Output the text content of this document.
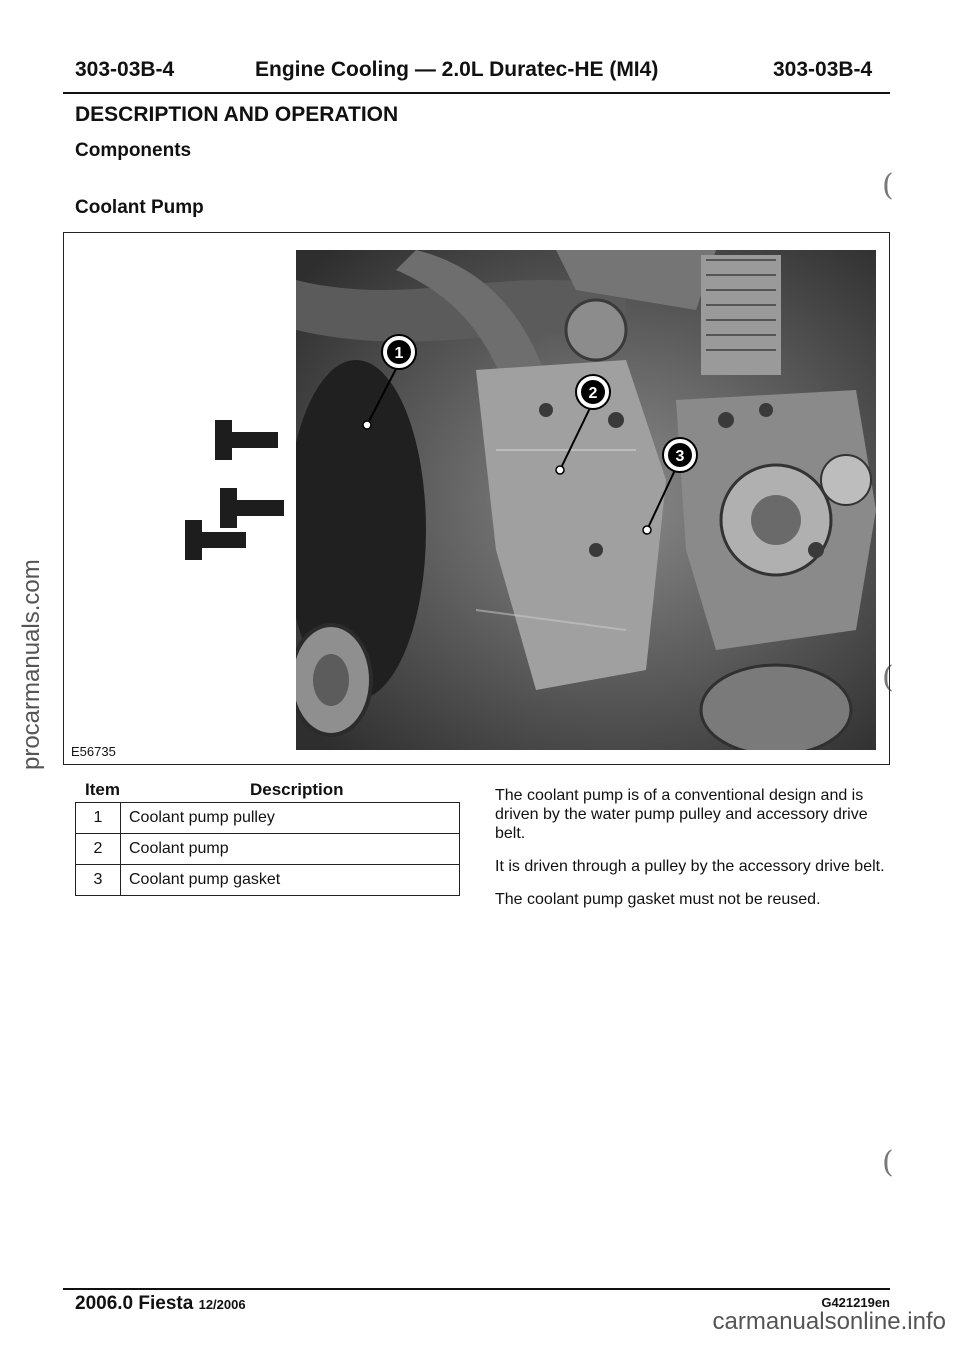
303-03B-4	Engine Cooling — 2.0L Duratec-HE (MI4)	303-03B-4
DESCRIPTION AND OPERATION
Components
Coolant Pump
(
(
(
1
2
3
E56735
Item	Description
1	Coolant pump pulley
2	Coolant pump
3	Coolant pump gasket

The coolant pump is of a conventional design and is driven by the water pump pulley and accessory drive belt.

It is driven through a pulley by the accessory drive belt.

The coolant pump gasket must not be reused.

procarmanuals.com
2006.0 Fiesta 12/2006	G421219en
carmanualsonline.info
